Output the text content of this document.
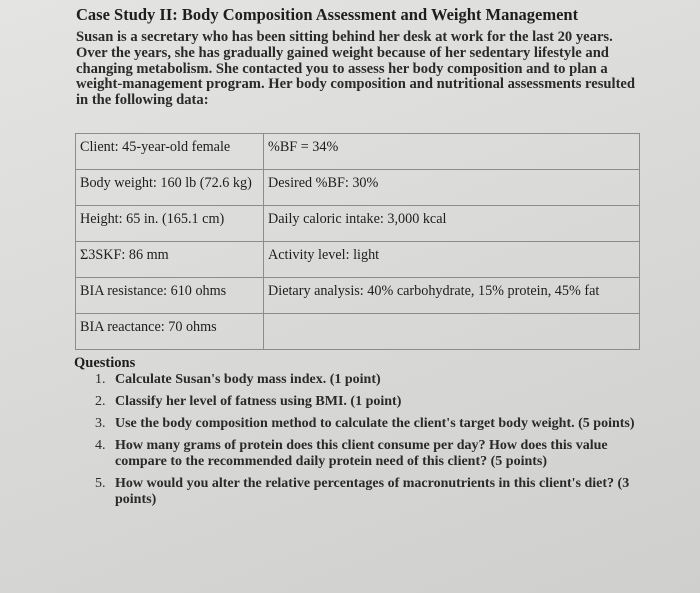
Case Study II: Body Composition Assessment and Weight Management
Susan is a secretary who has been sitting behind her desk at work for the last 20 years. Over the years, she has gradually gained weight because of her sedentary lifestyle and changing metabolism. She contacted you to assess her body composition and to plan a weight-management program. Her body composition and nutritional assessments resulted in the following data:
Client: 45-year-old female	%BF = 34%
Body weight: 160 lb (72.6 kg)	Desired %BF: 30%
Height: 65 in. (165.1 cm)	Daily caloric intake: 3,000 kcal
Σ3SKF: 86 mm	Activity level: light
BIA resistance: 610 ohms	Dietary analysis: 40% carbohydrate, 15% protein, 45% fat
BIA reactance: 70 ohms	
Questions
1. Calculate Susan's body mass index. (1 point)
2. Classify her level of fatness using BMI. (1 point)
3. Use the body composition method to calculate the client's target body weight. (5 points)
4. How many grams of protein does this client consume per day? How does this value compare to the recommended daily protein need of this client? (5 points)
5. How would you alter the relative percentages of macronutrients in this client's diet? (3 points)
